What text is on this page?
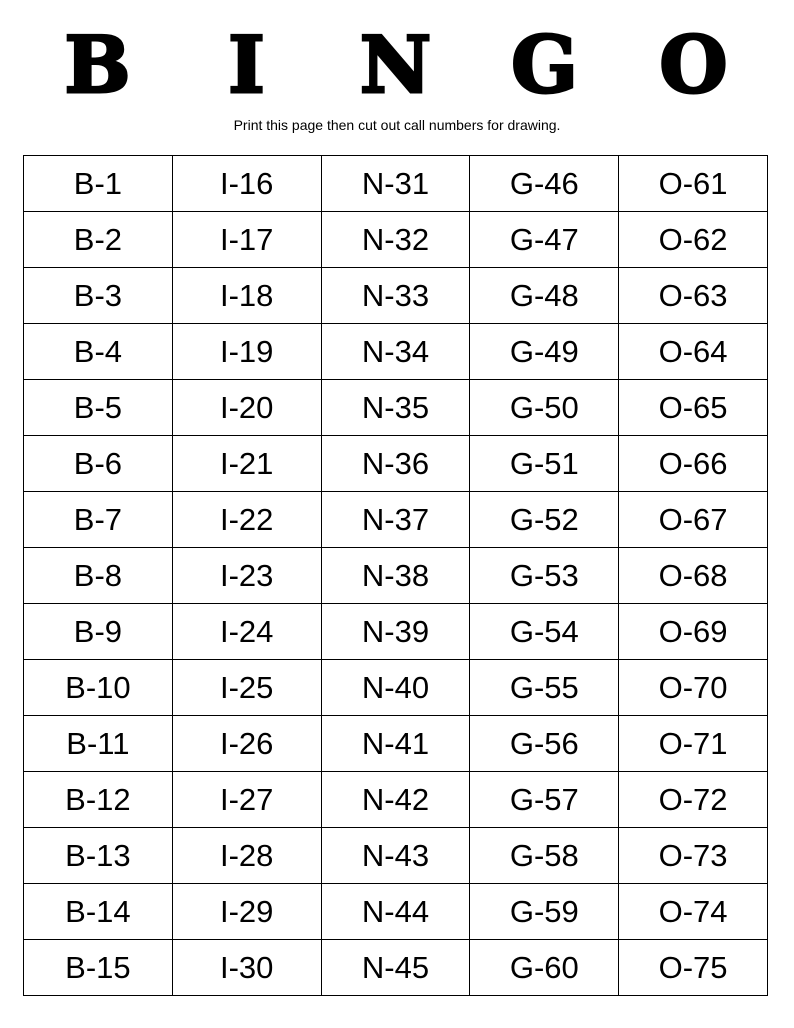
B	I	N	G	O
Print this page then cut out call numbers for drawing.
B-1	I-16	N-31	G-46	O-61
B-2	I-17	N-32	G-47	O-62
B-3	I-18	N-33	G-48	O-63
B-4	I-19	N-34	G-49	O-64
B-5	I-20	N-35	G-50	O-65
B-6	I-21	N-36	G-51	O-66
B-7	I-22	N-37	G-52	O-67
B-8	I-23	N-38	G-53	O-68
B-9	I-24	N-39	G-54	O-69
B-10	I-25	N-40	G-55	O-70
B-11	I-26	N-41	G-56	O-71
B-12	I-27	N-42	G-57	O-72
B-13	I-28	N-43	G-58	O-73
B-14	I-29	N-44	G-59	O-74
B-15	I-30	N-45	G-60	O-75
